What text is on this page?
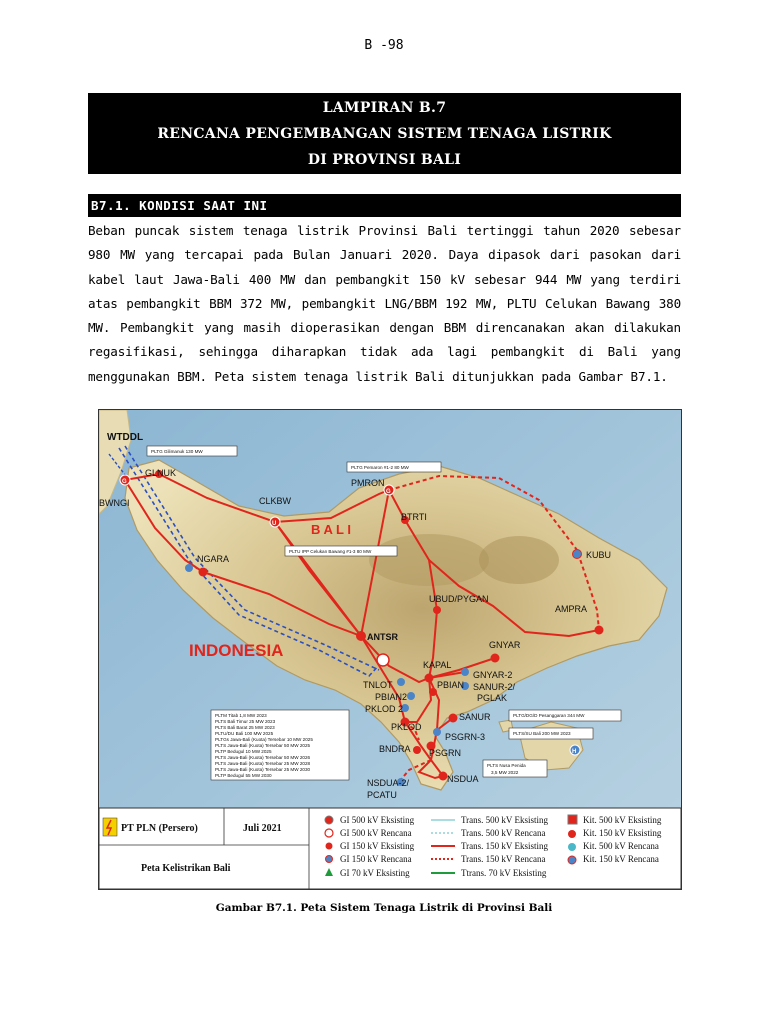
B -98
LAMPIRAN B.7
RENCANA PENGEMBANGAN SISTEM TENAGA LISTRIK
DI PROVINSI BALI
B7.1. KONDISI SAAT INI
Beban puncak sistem tenaga listrik Provinsi Bali tertinggi tahun 2020 sebesar 980 MW yang tercapai pada Bulan Januari 2020. Daya dipasok dari pasokan dari kabel laut Jawa-Bali 400 MW dan pembangkit 150 kV sebesar 944 MW yang terdiri atas pembangkit BBM 372 MW, pembangkit LNG/BBM 192 MW, PLTU Celukan Bawang 380 MW. Pembangkit yang masih dioperasikan dengan BBM direncanakan akan dilakukan regasifikasi, sehingga diharapkan tidak ada lagi pembangkit di Bali yang menggunakan BBM. Peta sistem tenaga listrik Bali ditunjukkan pada Gambar B7.1.
H
G
G
U
WTDDL
BWNGI
GLNUK
CLKBW
PMRON
BTRTI
B A L I
KUBU
NGARA
UBUD/PYGAN
AMPRA
ANTSR
INDONESIA
KAPAL
GNYAR
GNYAR-2
SANUR-2/
PGLAK
TNLOT	PBIAN
PBIAN2
PKLOD 2
PKLOD
SANUR
PSGRN-3
PSGRN
BNDRA
NSDUA
NSDUA-2/
PCATU
PLTG Gilimanuk 130 MW
PLTG Pemaron #1-2 80 MW
PLTU IPP Celukan Bawang #1-3 80 MW
PLTG/DG/D Pesanggaran 344 MW
PLTS/SU Bali 200 MW 2023
PLTS Nusa Penida
3,5 MW 2022
PLTM Titab 1,8 MW 2023
PLTS Bali Timur 25 MW 2023
PLTS Bali Barat 25 MW 2023
PLTU/DU Bali 100 MW 2025
PLTGs Jawa-Bali (Kuota) Tersebar 10 MW 2025
PLTS Jawa-Bali (Kuota) Tersebar 50 MW 2025
PLTP Bedugul 10 MW 2025
PLTS Jawa-Bali (Kuota) Tersebar 50 MW 2026
PLTS Jawa-Bali (Kuota) Tersebar 25 MW 2028
PLTS Jawa-Bali (Kuota) Tersebar 25 MW 2030
PLTP Bedugul 55 MW 2030
PT PLN (Persero)	Juli 2021
Peta Kelistrikan Bali
GI 500 kV Eksisting
GI 500 kV Rencana
GI 150 kV Eksisting
GI 150 kV Rencana
GI 70 kV Eksisting
Trans. 500 kV Eksisting
Trans. 500 kV Rencana
Trans. 150 kV Eksisting
Trans. 150 kV Rencana
Ttrans. 70 kV Eksisting
Kit. 500 kV Eksisting
Kit. 150 kV Eksisting
Kit. 500 kV Rencana
Kit. 150 kV Rencana
Gambar B7.1. Peta Sistem Tenaga Listrik di Provinsi Bali
